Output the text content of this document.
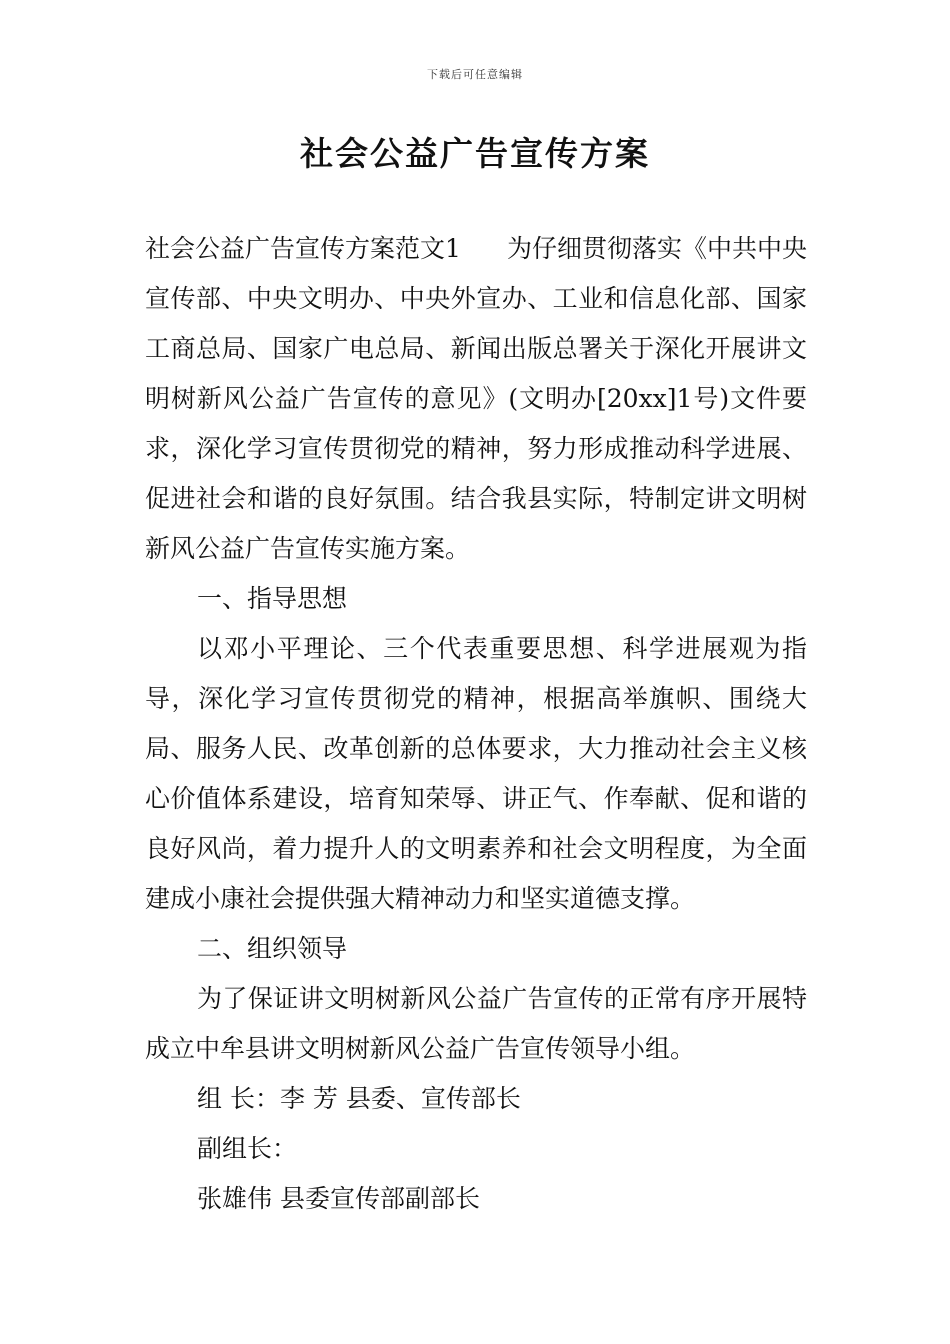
下载后可任意编辑
社会公益广告宣传方案

社会公益广告宣传方案范文1 为仔细贯彻落实《中共中央宣传部、中央文明办、中央外宣办、工业和信息化部、国家工商总局、国家广电总局、新闻出版总署关于深化开展讲文明树新风公益广告宣传的意见》(文明办[20xx]1号)文件要求，深化学习宣传贯彻党的精神，努力形成推动科学进展、促进社会和谐的良好氛围。结合我县实际，特制定讲文明树新风公益广告宣传实施方案。

一、指导思想

以邓小平理论、三个代表重要思想、科学进展观为指导，深化学习宣传贯彻党的精神，根据高举旗帜、围绕大局、服务人民、改革创新的总体要求，大力推动社会主义核心价值体系建设，培育知荣辱、讲正气、作奉献、促和谐的良好风尚，着力提升人的文明素养和社会文明程度，为全面建成小康社会提供强大精神动力和坚实道德支撑。

二、组织领导

为了保证讲文明树新风公益广告宣传的正常有序开展特成立中牟县讲文明树新风公益广告宣传领导小组。

组 长：李 芳 县委、宣传部长

副组长：

张雄伟 县委宣传部副部长
